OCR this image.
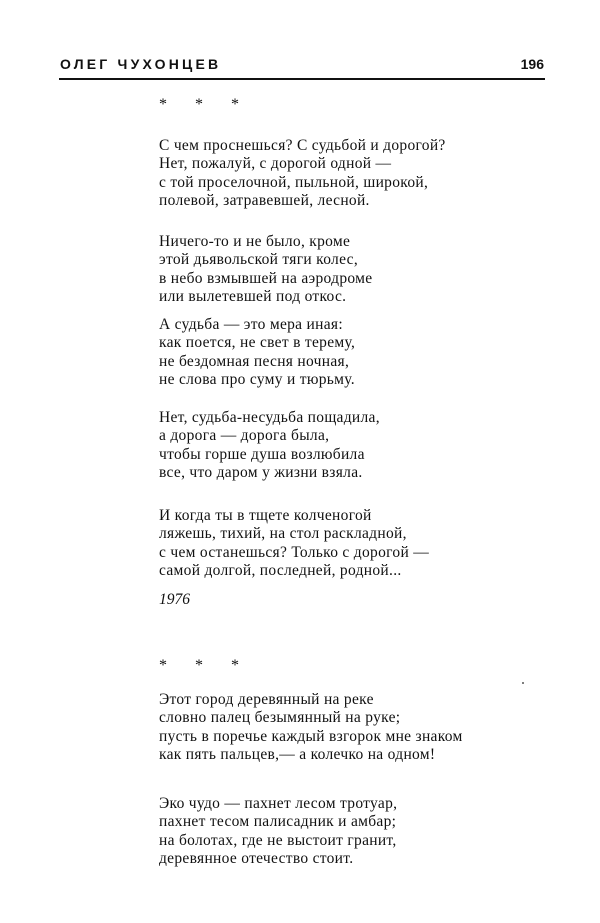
ОЛЕГ ЧУХОНЦЕВ	196
* * *
С чем проснешься? С судьбой и дорогой?
Нет, пожалуй, с дорогой одной —
с той проселочной, пыльной, широкой,
полевой, затравевшей, лесной.
Ничего-то и не было, кроме
этой дьявольской тяги колес,
в небо взмывшей на аэродроме
или вылетевшей под откос.
А судьба — это мера иная:
как поется, не свет в терему,
не бездомная песня ночная,
не слова про суму и тюрьму.
Нет, судьба-несудьба пощадила,
а дорога — дорога была,
чтобы горше душа возлюбила
все, что даром у жизни взяла.
И когда ты в тщете колченогой
ляжешь, тихий, на стол раскладной,
с чем останешься? Только с дорогой —
самой долгой, последней, родной...
1976
* * *
Этот город деревянный на реке
словно палец безымянный на руке;
пусть в поречье каждый взгорок мне знаком
как пять пальцев,— а колечко на одном!
Эко чудо — пахнет лесом тротуар,
пахнет тесом палисадник и амбар;
на болотах, где не выстоит гранит,
деревянное отечество стоит.
